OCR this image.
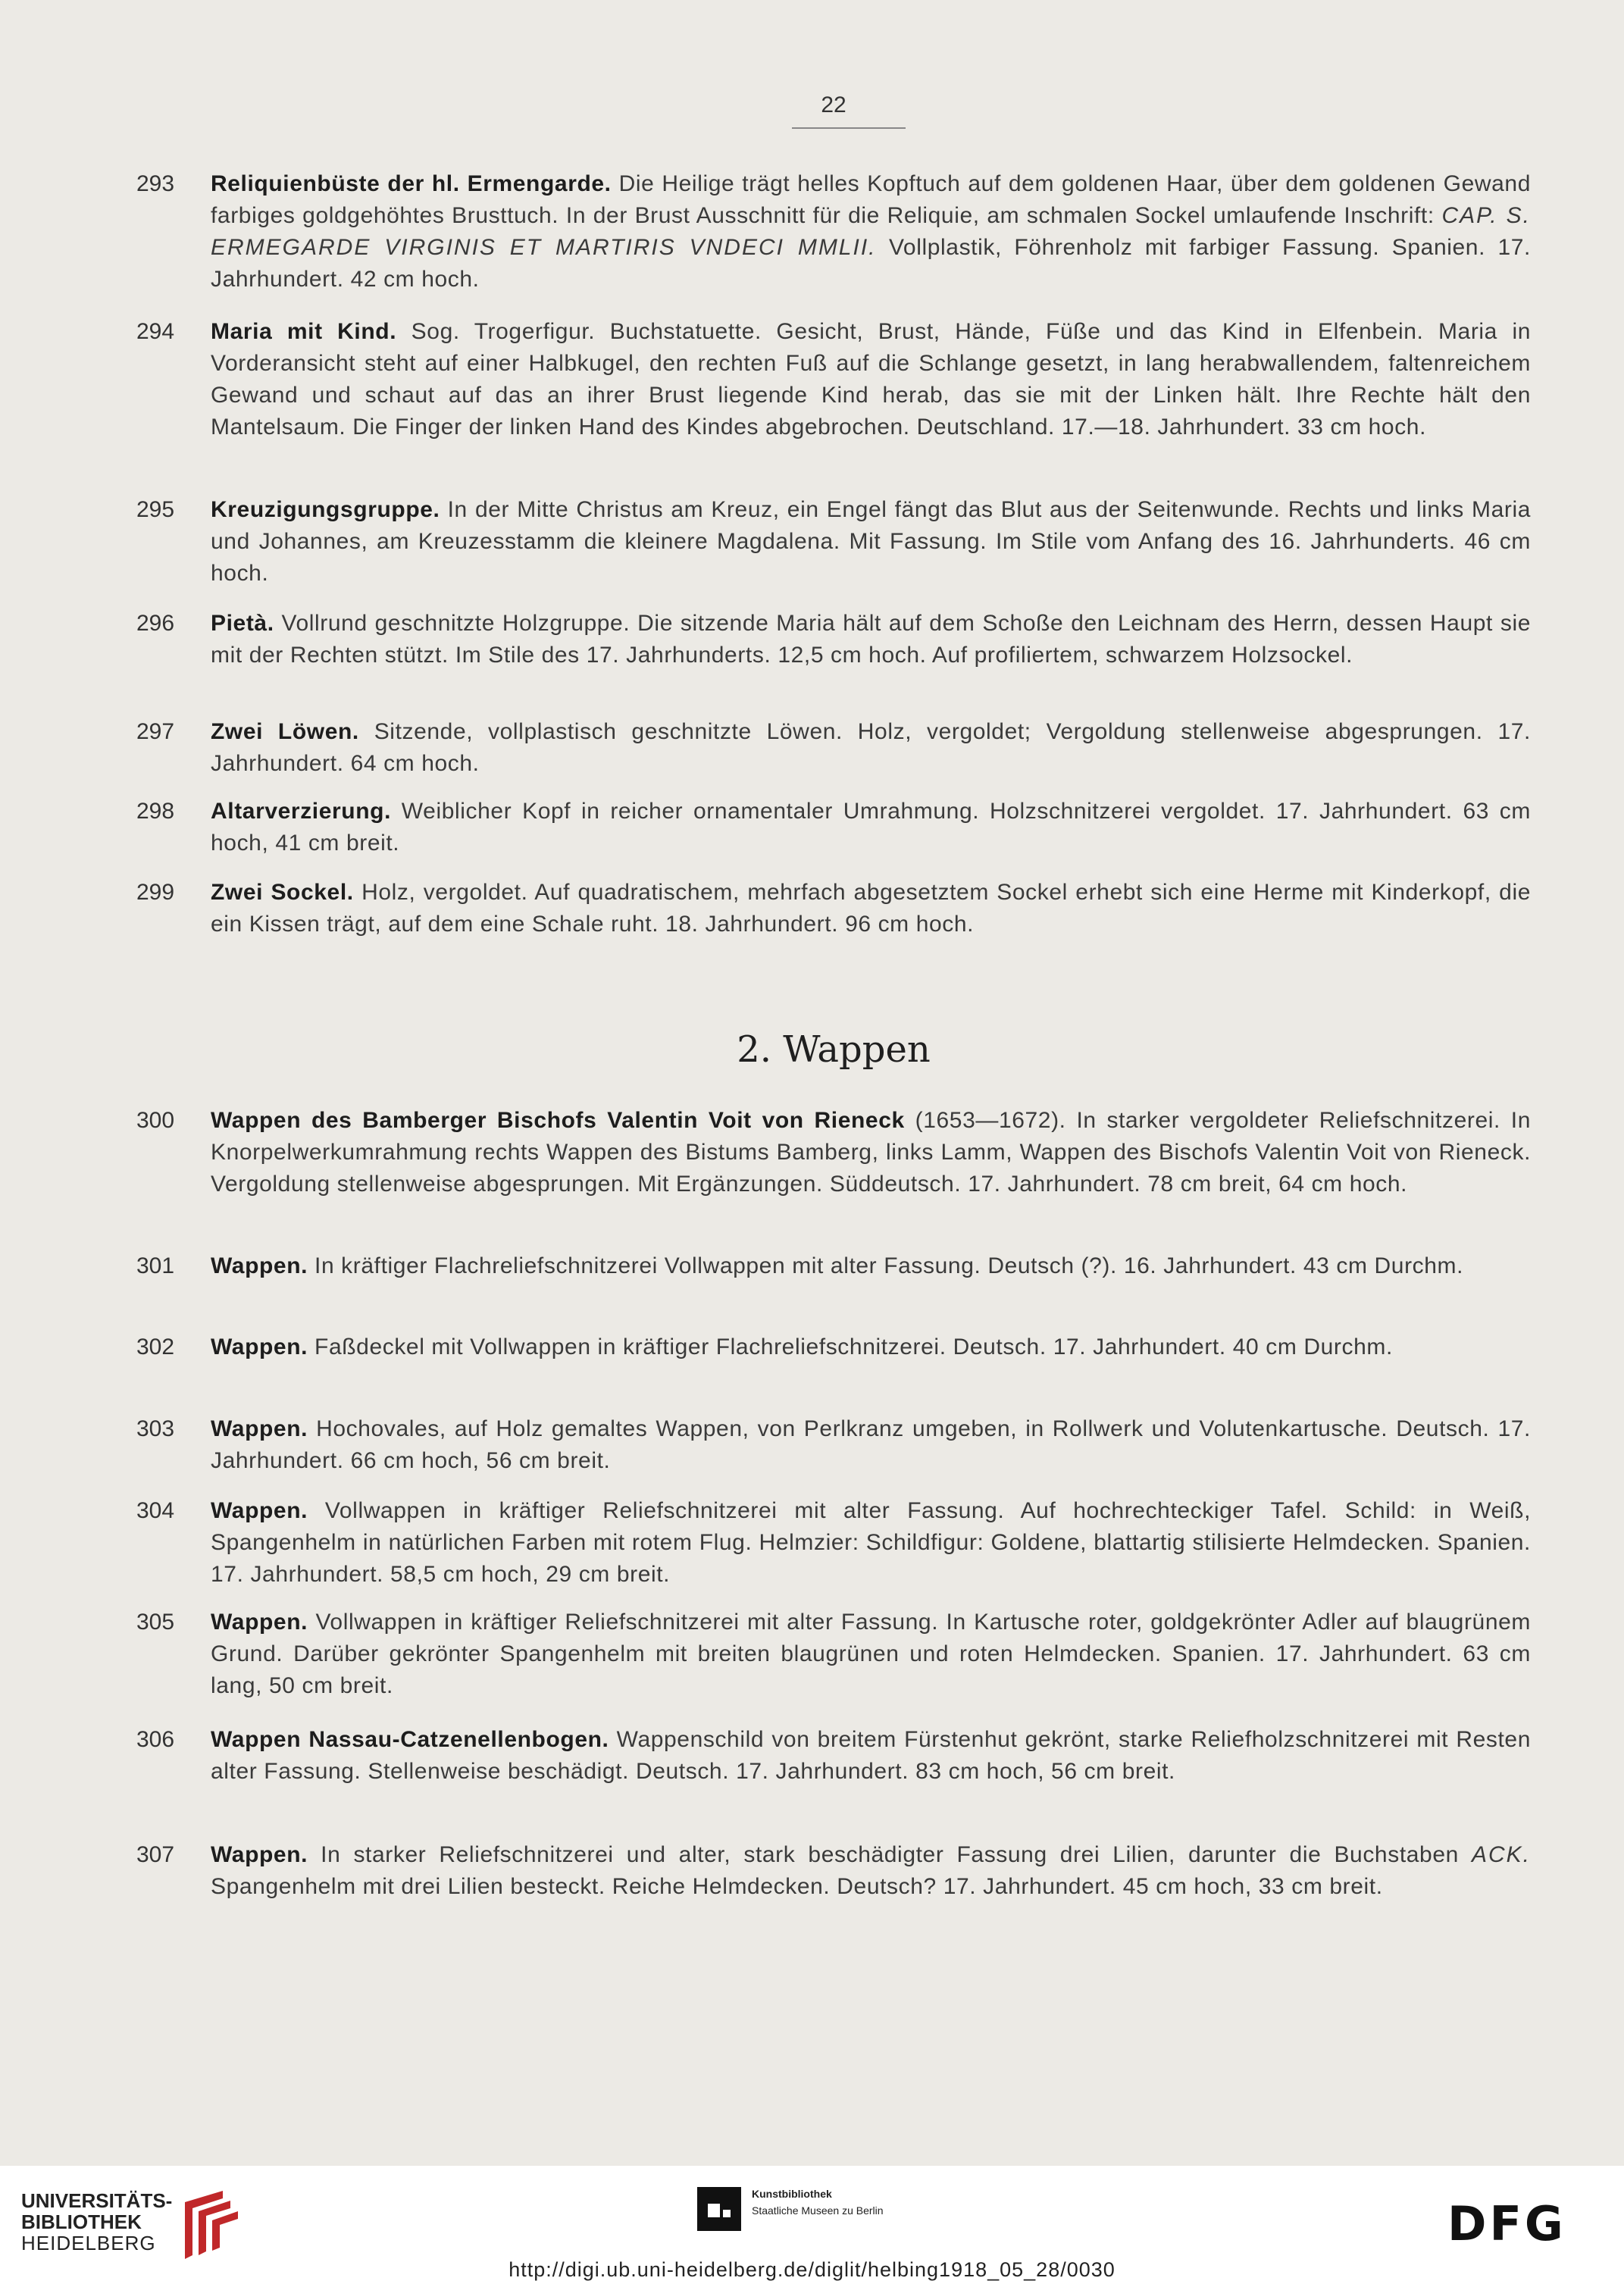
22
293	Reliquienbüste der hl. Ermengarde. Die Heilige trägt helles Kopftuch auf dem goldenen Haar, über dem goldenen Gewand farbiges goldgehöhtes Brusttuch. In der Brust Ausschnitt für die Reliquie, am schmalen Sockel umlaufende Inschrift: CAP. S. ERMEGARDE VIRGINIS ET MARTIRIS VNDECI MMLII. Vollplastik, Föhrenholz mit farbiger Fassung. Spanien. 17. Jahrhundert. 42 cm hoch.
294	Maria mit Kind. Sog. Trogerfigur. Buchstatuette. Gesicht, Brust, Hände, Füße und das Kind in Elfenbein. Maria in Vorderansicht steht auf einer Halbkugel, den rechten Fuß auf die Schlange gesetzt, in lang herabwallendem, faltenreichem Gewand und schaut auf das an ihrer Brust liegende Kind herab, das sie mit der Linken hält. Ihre Rechte hält den Mantelsaum. Die Finger der linken Hand des Kindes abgebrochen. Deutschland. 17.—18. Jahrhundert. 33 cm hoch.
295	Kreuzigungsgruppe. In der Mitte Christus am Kreuz, ein Engel fängt das Blut aus der Seitenwunde. Rechts und links Maria und Johannes, am Kreuzesstamm die kleinere Magdalena. Mit Fassung. Im Stile vom Anfang des 16. Jahrhunderts. 46 cm hoch.
296	Pietà. Vollrund geschnitzte Holzgruppe. Die sitzende Maria hält auf dem Schoße den Leichnam des Herrn, dessen Haupt sie mit der Rechten stützt. Im Stile des 17. Jahrhunderts. 12,5 cm hoch. Auf profiliertem, schwarzem Holzsockel.
297	Zwei Löwen. Sitzende, vollplastisch geschnitzte Löwen. Holz, vergoldet; Vergoldung stellenweise abgesprungen. 17. Jahrhundert. 64 cm hoch.
298	Altarverzierung. Weiblicher Kopf in reicher ornamentaler Umrahmung. Holzschnitzerei vergoldet. 17. Jahrhundert. 63 cm hoch, 41 cm breit.
299	Zwei Sockel. Holz, vergoldet. Auf quadratischem, mehrfach abgesetztem Sockel erhebt sich eine Herme mit Kinderkopf, die ein Kissen trägt, auf dem eine Schale ruht. 18. Jahrhundert. 96 cm hoch.
2. Wappen
300	Wappen des Bamberger Bischofs Valentin Voit von Rieneck (1653—1672). In starker vergoldeter Reliefschnitzerei. In Knorpelwerkumrahmung rechts Wappen des Bistums Bamberg, links Lamm, Wappen des Bischofs Valentin Voit von Rieneck. Vergoldung stellenweise abgesprungen. Mit Ergänzungen. Süddeutsch. 17. Jahrhundert. 78 cm breit, 64 cm hoch.
301	Wappen. In kräftiger Flachreliefschnitzerei Vollwappen mit alter Fassung. Deutsch (?). 16. Jahrhundert. 43 cm Durchm.
302	Wappen. Faßdeckel mit Vollwappen in kräftiger Flachreliefschnitzerei. Deutsch. 17. Jahrhundert. 40 cm Durchm.
303	Wappen. Hochovales, auf Holz gemaltes Wappen, von Perlkranz umgeben, in Rollwerk und Volutenkartusche. Deutsch. 17. Jahrhundert. 66 cm hoch, 56 cm breit.
304	Wappen. Vollwappen in kräftiger Reliefschnitzerei mit alter Fassung. Auf hochrechteckiger Tafel. Schild: in Weiß, Spangenhelm in natürlichen Farben mit rotem Flug. Helmzier: Schildfigur: Goldene, blattartig stilisierte Helmdecken. Spanien. 17. Jahrhundert. 58,5 cm hoch, 29 cm breit.
305	Wappen. Vollwappen in kräftiger Reliefschnitzerei mit alter Fassung. In Kartusche roter, goldgekrönter Adler auf blaugrünem Grund. Darüber gekrönter Spangenhelm mit breiten blaugrünen und roten Helmdecken. Spanien. 17. Jahrhundert. 63 cm lang, 50 cm breit.
306	Wappen Nassau-Catzenellenbogen. Wappenschild von breitem Fürstenhut gekrönt, starke Reliefholzschnitzerei mit Resten alter Fassung. Stellenweise beschädigt. Deutsch. 17. Jahrhundert. 83 cm hoch, 56 cm breit.
307	Wappen. In starker Reliefschnitzerei und alter, stark beschädigter Fassung drei Lilien, darunter die Buchstaben ACK. Spangenhelm mit drei Lilien besteckt. Reiche Helmdecken. Deutsch? 17. Jahrhundert. 45 cm hoch, 33 cm breit.
UNIVERSITÄTS-
BIBLIOTHEK
HEIDELBERG
Kunstbibliothek
Staatliche Museen zu Berlin	DFG
http://digi.ub.uni-heidelberg.de/diglit/helbing1918_05_28/0030
